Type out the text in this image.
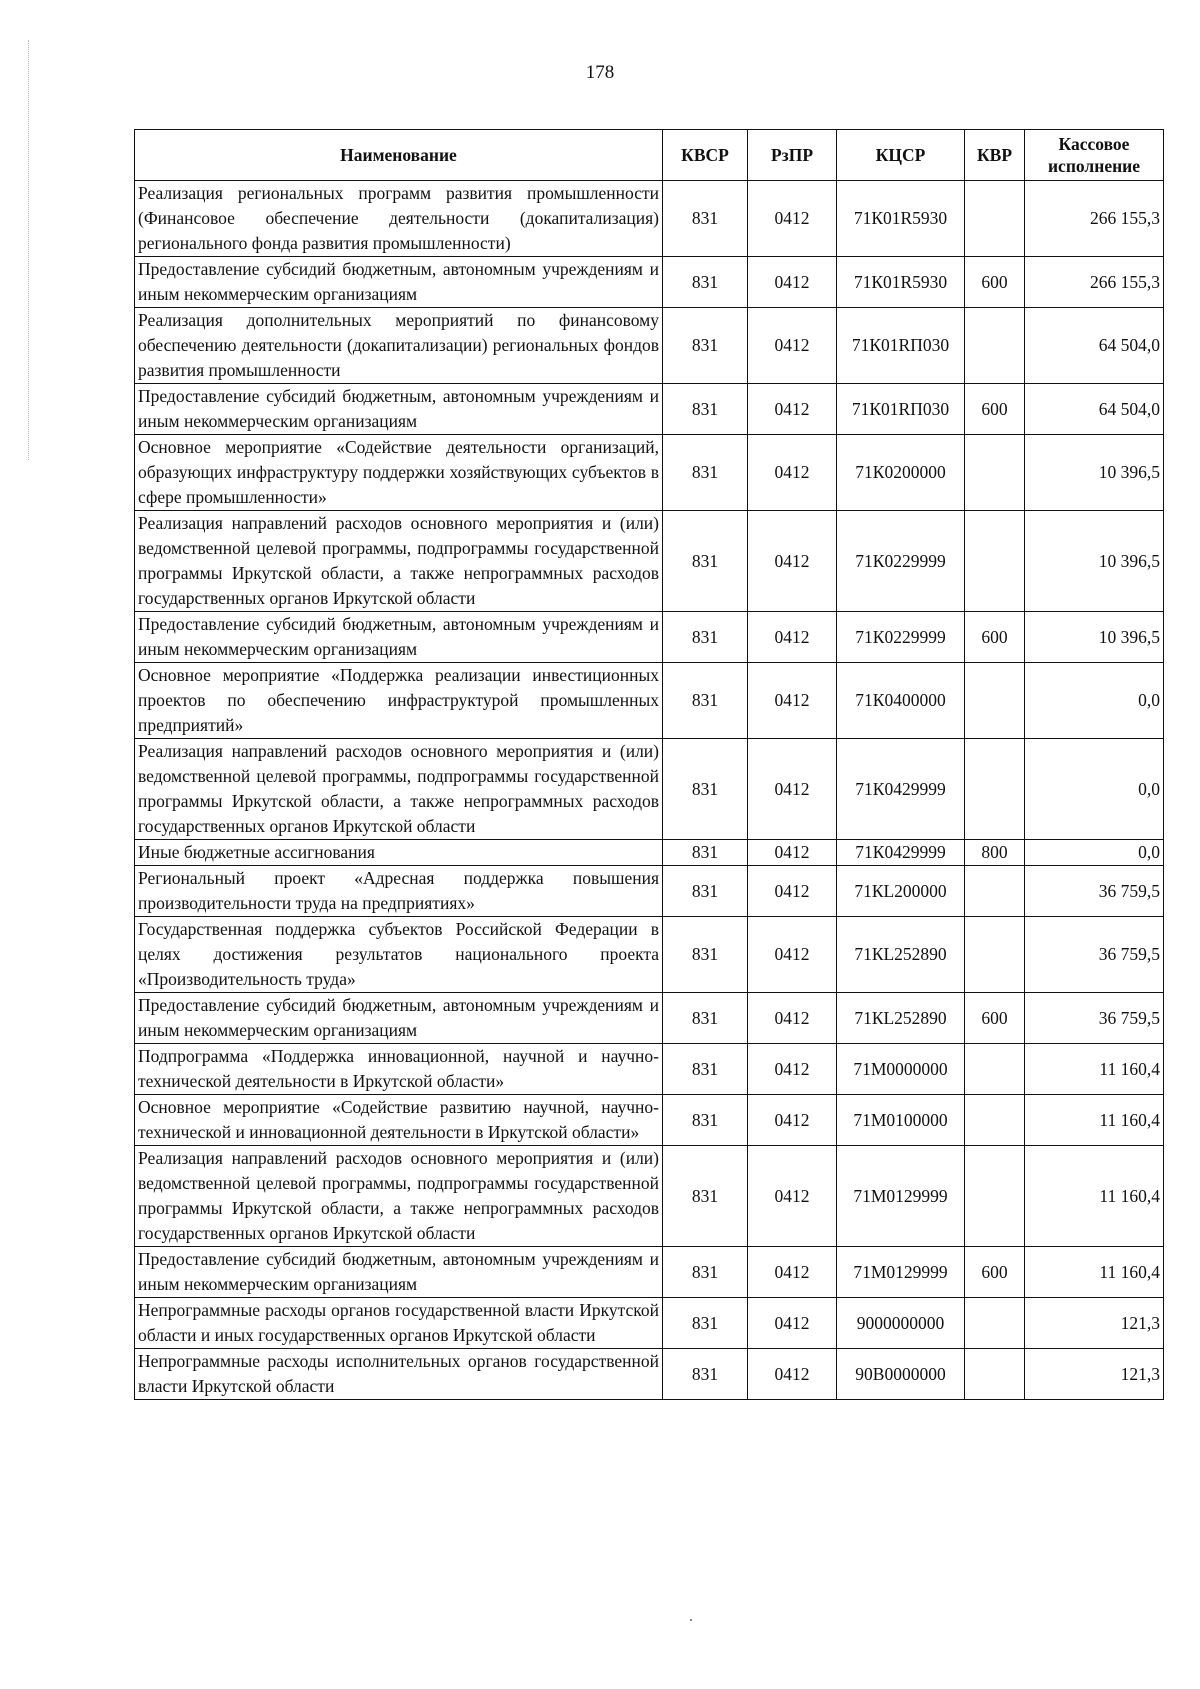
178
Наименование	КВСР	РзПР	КЦСР	КВР	Кассовое исполнение
Реализация региональных программ развития промышленности (Финансовое обеспечение деятельности (докапитализация) регионального фонда развития промышленности)	831	0412	71К01R5930		266 155,3
Предоставление субсидий бюджетным, автономным учреждениям и иным некоммерческим организациям	831	0412	71К01R5930	600	266 155,3
Реализация дополнительных мероприятий по финансовому обеспечению деятельности (докапитализации) региональных фондов развития промышленности	831	0412	71К01RП030		64 504,0
Предоставление субсидий бюджетным, автономным учреждениям и иным некоммерческим организациям	831	0412	71К01RП030	600	64 504,0
Основное мероприятие «Содействие деятельности организаций, образующих инфраструктуру поддержки хозяйствующих субъектов в сфере промышленности»	831	0412	71К0200000		10 396,5
Реализация направлений расходов основного мероприятия и (или) ведомственной целевой программы, подпрограммы государственной программы Иркутской области, а также непрограммных расходов государственных органов Иркутской области	831	0412	71К0229999		10 396,5
Предоставление субсидий бюджетным, автономным учреждениям и иным некоммерческим организациям	831	0412	71К0229999	600	10 396,5
Основное мероприятие «Поддержка реализации инвестиционных проектов по обеспечению инфраструктурой промышленных предприятий»	831	0412	71К0400000		0,0
Реализация направлений расходов основного мероприятия и (или) ведомственной целевой программы, подпрограммы государственной программы Иркутской области, а также непрограммных расходов государственных органов Иркутской области	831	0412	71К0429999		0,0
Иные бюджетные ассигнования	831	0412	71К0429999	800	0,0
Региональный проект «Адресная поддержка повышения производительности труда на предприятиях»	831	0412	71КL200000		36 759,5
Государственная поддержка субъектов Российской Федерации в целях достижения результатов национального проекта «Производительность труда»	831	0412	71КL252890		36 759,5
Предоставление субсидий бюджетным, автономным учреждениям и иным некоммерческим организациям	831	0412	71КL252890	600	36 759,5
Подпрограмма «Поддержка инновационной, научной и научно-технической деятельности в Иркутской области»	831	0412	71М0000000		11 160,4
Основное мероприятие «Содействие развитию научной, научно-технической и инновационной деятельности в Иркутской области»	831	0412	71М0100000		11 160,4
Реализация направлений расходов основного мероприятия и (или) ведомственной целевой программы, подпрограммы государственной программы Иркутской области, а также непрограммных расходов государственных органов Иркутской области	831	0412	71М0129999		11 160,4
Предоставление субсидий бюджетным, автономным учреждениям и иным некоммерческим организациям	831	0412	71М0129999	600	11 160,4
Непрограммные расходы органов государственной власти Иркутской области и иных государственных органов Иркутской области	831	0412	9000000000		121,3
Непрограммные расходы исполнительных органов государственной власти Иркутской области	831	0412	90В0000000		121,3
